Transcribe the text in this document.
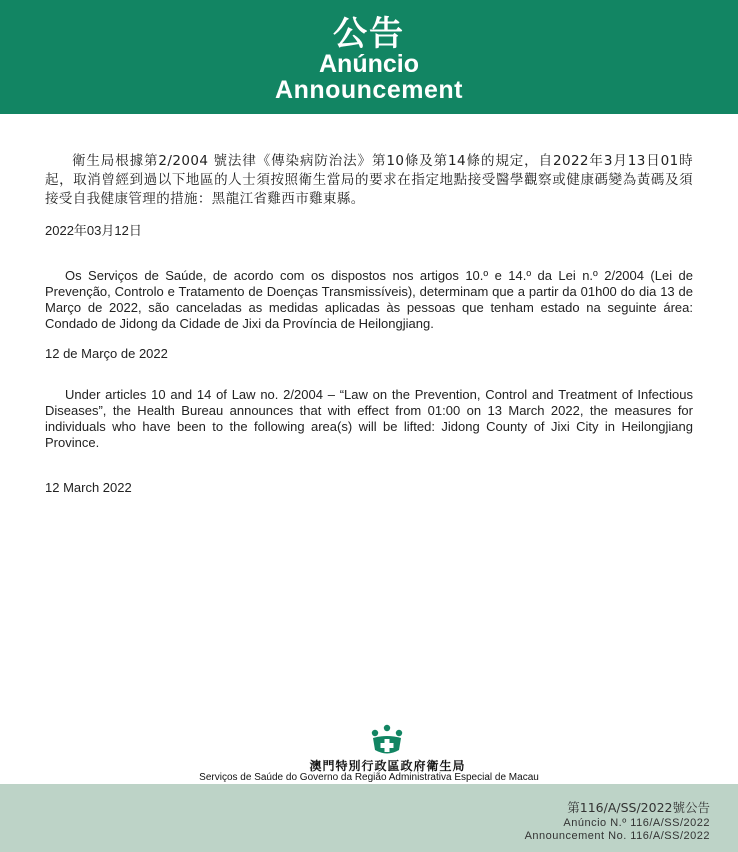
公告
Anúncio
Announcement
衛生局根據第2/2004 號法律《傳染病防治法》第10條及第14條的規定，自2022年3月13日01時起，取消曾經到過以下地區的人士須按照衛生當局的要求在指定地點接受醫學觀察或健康碼變為黃碼及須接受自我健康管理的措施：黑龍江省雞西市雞東縣。
2022年03月12日
Os Serviços de Saúde, de acordo com os dispostos nos artigos 10.º e 14.º da Lei n.º 2/2004 (Lei de Prevenção, Controlo e Tratamento de Doenças Transmissíveis), determinam que a partir da 01h00 do dia 13 de Março de 2022, são canceladas as medidas aplicadas às pessoas que tenham estado na seguinte área: Condado de Jidong da Cidade de Jixi da Província de Heilongjiang.
12 de Março de 2022
Under articles 10 and 14 of Law no. 2/2004 – “Law on the Prevention, Control and Treatment of Infectious Diseases”, the Health Bureau announces that with effect from 01:00 on 13 March 2022, the measures for individuals who have been to the following area(s) will be lifted: Jidong County of Jixi City in Heilongjiang Province.
12 March 2022
澳門特別行政區政府衛生局
Serviços de Saúde do Governo da Região Administrativa Especial de Macau
第116/A/SS/2022號公告
Anúncio N.º 116/A/SS/2022
Announcement No. 116/A/SS/2022
